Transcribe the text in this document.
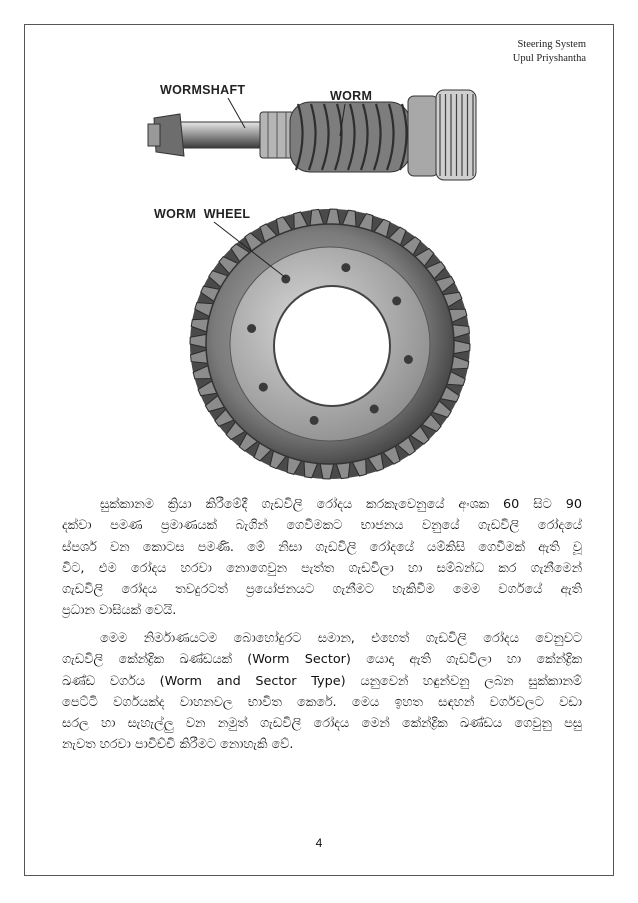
Steering System
Upul Priyshantha
WORMSHAFT	WORM
WORM  WHEEL
සුක්කානම ක්‍රියා කිරීමේදී ගැඩවිලි රෝදය කරකැවෙනුයේ අංශක 60 සිට 90
දක්වා පමණ ප්‍රමාණයක් බැගින් ගෙවීමකට භාජනය වනුයේ ගැඩවිලි රෝදයේ
ස්පර්ශ වන කොටස පමණි. මේ නිසා ගැඩවිලි රෝදයේ යම්කිසි ගෙවීමක් ඇති වූ
විට, එම රෝදය හරවා නොගෙවුන පැත්ත ගැඩවිලා හා සම්බන්ධ කර ගැනීමෙන්
ගැඩවිලි රෝදය තවදුරටත් ප්‍රයෝජනයට ගැනීමට හැකිවීම මෙම වර්ගයේ ඇති
ප්‍රධාන වාසියක් වෙයි.
මෙම නිර්මාණයටම බොහෝදුරට සමාන, එහෙත් ගැඩවිලි රෝදය වෙනුවට
ගැඩවිලි කේන්ද්‍රික ඛණ්ඩයක් (Worm Sector) යොදා ඇති ගැඩවිලා හා කේන්ද්‍රික
ඛණ්ඩ වර්ගය (Worm and Sector Type) යනුවෙන් හඳුන්වනු ලබන සුක්කානම්
පෙට්ටි වර්ගයක්ද වාහනවල භාවිත කෙරේ. මෙය ඉහත සඳහන් වර්ගවලට වඩා
සරල හා සැහැල්ලු වන නමුත් ගැඩවිලි රෝදය මෙන් කේන්ද්‍රික ඛණ්ඩය ගෙවුනු පසු
නැවත හරවා පාවිච්චි කිරීමට නොහැකි වේ.
4
